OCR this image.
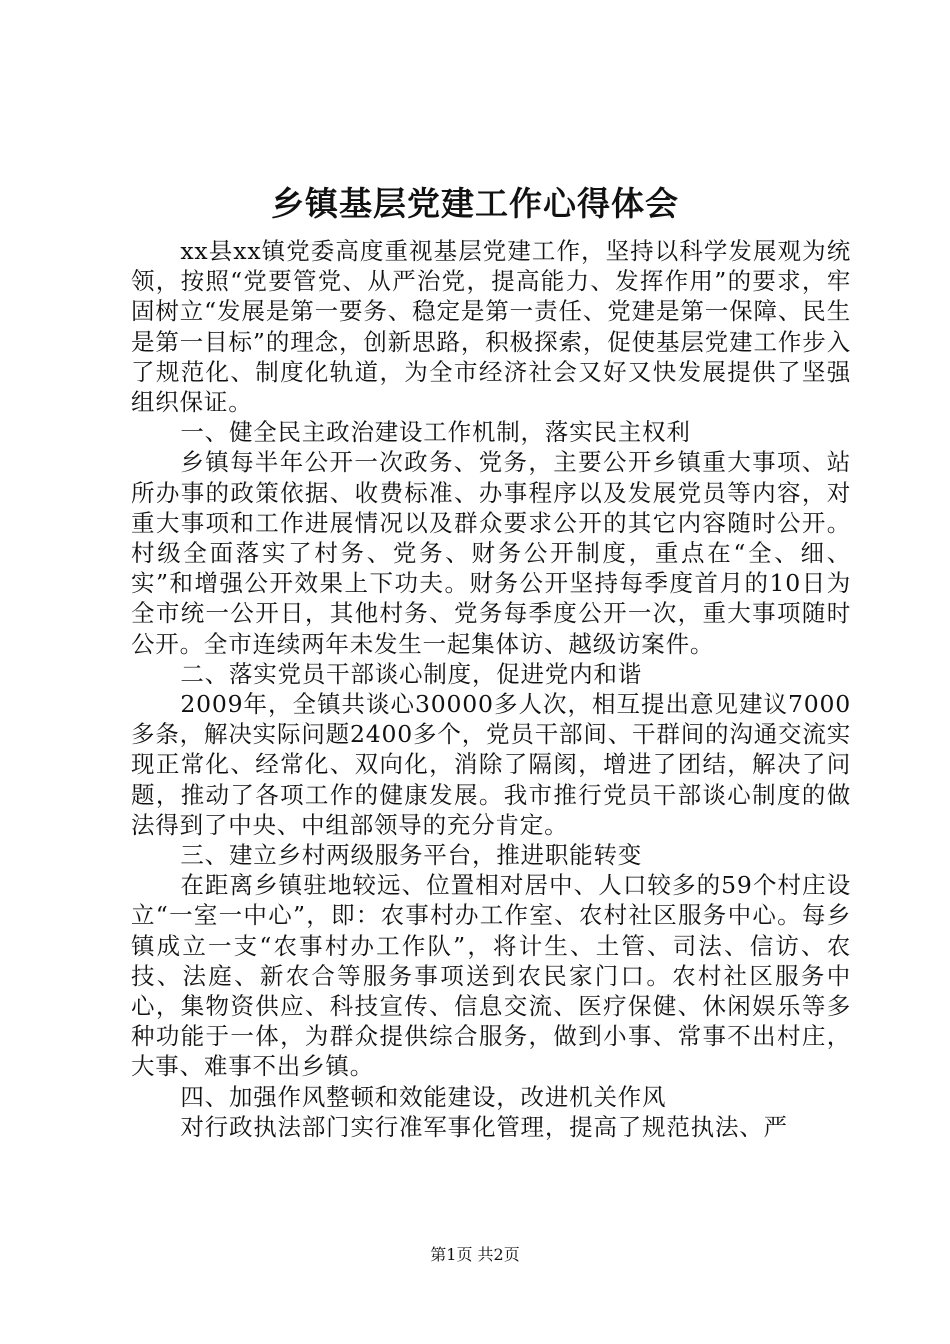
乡镇基层党建工作心得体会

xx县xx镇党委高度重视基层党建工作，坚持以科学发展观为统领，按照“党要管党、从严治党，提高能力、发挥作用”的要求，牢固树立“发展是第一要务、稳定是第一责任、党建是第一保障、民生是第一目标”的理念，创新思路，积极探索，促使基层党建工作步入了规范化、制度化轨道，为全市经济社会又好又快发展提供了坚强组织保证。

一、健全民主政治建设工作机制，落实民主权利

乡镇每半年公开一次政务、党务，主要公开乡镇重大事项、站所办事的政策依据、收费标准、办事程序以及发展党员等内容，对重大事项和工作进展情况以及群众要求公开的其它内容随时公开。村级全面落实了村务、党务、财务公开制度，重点在“全、细、实”和增强公开效果上下功夫。财务公开坚持每季度首月的10日为全市统一公开日，其他村务、党务每季度公开一次，重大事项随时公开。全市连续两年未发生一起集体访、越级访案件。

二、落实党员干部谈心制度，促进党内和谐

2009年，全镇共谈心30000多人次，相互提出意见建议7000多条，解决实际问题2400多个，党员干部间、干群间的沟通交流实现正常化、经常化、双向化，消除了隔阂，增进了团结，解决了问题，推动了各项工作的健康发展。我市推行党员干部谈心制度的做法得到了中央、中组部领导的充分肯定。

三、建立乡村两级服务平台，推进职能转变

在距离乡镇驻地较远、位置相对居中、人口较多的59个村庄设立“一室一中心”，即：农事村办工作室、农村社区服务中心。每乡镇成立一支“农事村办工作队”，将计生、土管、司法、信访、农技、法庭、新农合等服务事项送到农民家门口。农村社区服务中心，集物资供应、科技宣传、信息交流、医疗保健、休闲娱乐等多种功能于一体，为群众提供综合服务，做到小事、常事不出村庄，大事、难事不出乡镇。

四、加强作风整顿和效能建设，改进机关作风

对行政执法部门实行准军事化管理，提高了规范执法、严

第1页 共2页
